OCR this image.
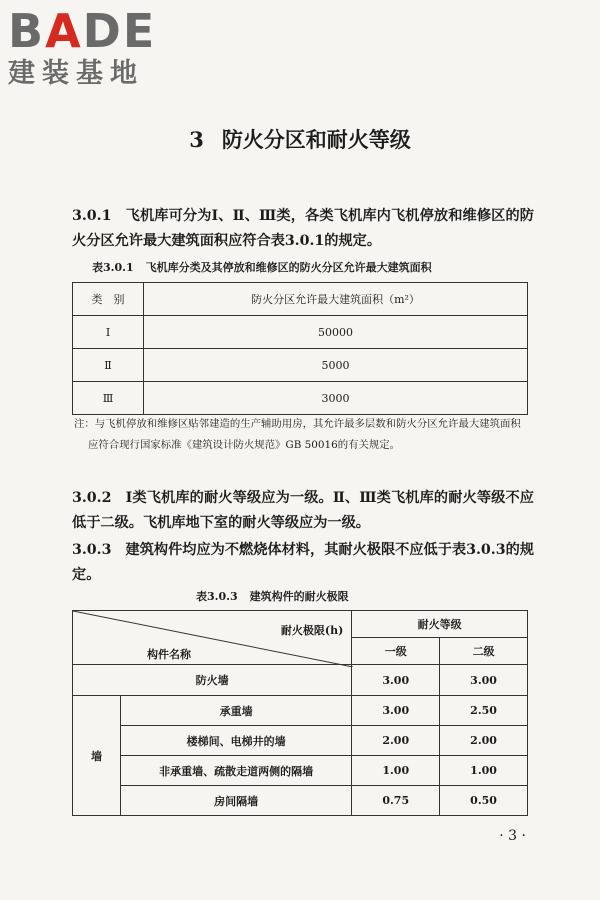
BADE
建装基地
3 防火分区和耐火等级
3.0.1 飞机库可分为Ⅰ、Ⅱ、Ⅲ类，各类飞机库内飞机停放和维修区的防火分区允许最大建筑面积应符合表3.0.1的规定。
表3.0.1 飞机库分类及其停放和维修区的防火分区允许最大建筑面积
类　别	防火分区允许最大建筑面积（m²）
Ⅰ	50000
Ⅱ	5000
Ⅲ	3000
注：与飞机停放和维修区贴邻建造的生产辅助用房，其允许最多层数和防火分区允许最大建筑面积应符合现行国家标准《建筑设计防火规范》GB 50016的有关规定。
3.0.2 Ⅰ类飞机库的耐火等级应为一级。Ⅱ、Ⅲ类飞机库的耐火等级不应低于二级。飞机库地下室的耐火等级应为一级。
3.0.3 建筑构件均应为不燃烧体材料，其耐火极限不应低于表3.0.3的规定。
表3.0.3 建筑构件的耐火极限
耐火极限(h)
构件名称		耐火等级	
		一级	二级
防火墙		3.00	3.00
墙	承重墙	3.00	2.50
	楼梯间、电梯井的墙	2.00	2.00
	非承重墙、疏散走道两侧的隔墙	1.00	1.00
	房间隔墙	0.75	0.50
· 3 ·
